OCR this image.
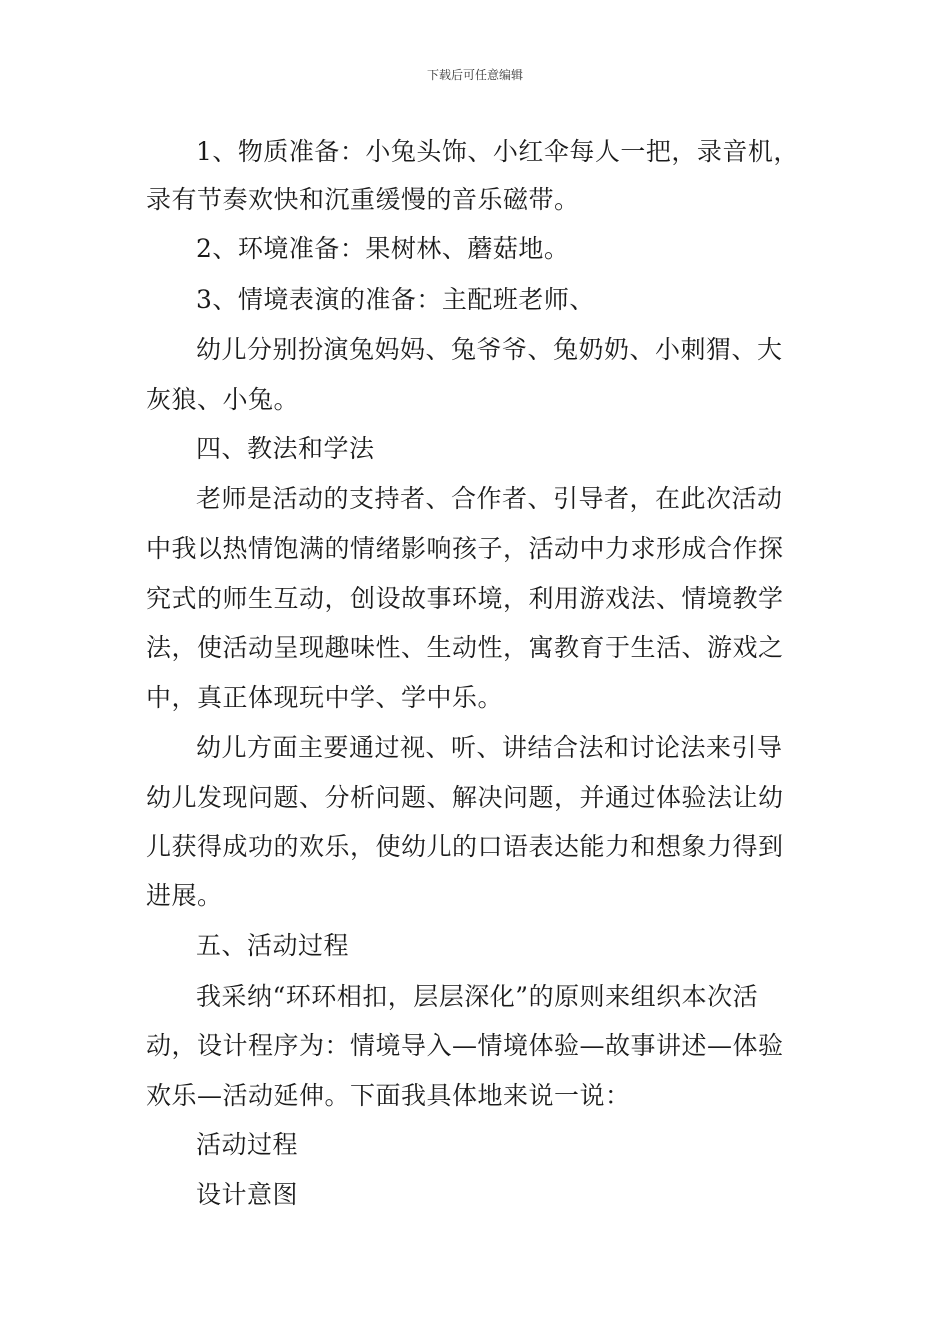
下载后可任意编辑
1、物质准备：小兔头饰、小红伞每人一把，录音机，
录有节奏欢快和沉重缓慢的音乐磁带。
2、环境准备：果树林、蘑菇地。
3、情境表演的准备：主配班老师、
幼儿分别扮演兔妈妈、兔爷爷、兔奶奶、小刺猬、大
灰狼、小兔。
四、教法和学法
老师是活动的支持者、合作者、引导者，在此次活动
中我以热情饱满的情绪影响孩子，活动中力求形成合作探
究式的师生互动，创设故事环境，利用游戏法、情境教学
法，使活动呈现趣味性、生动性，寓教育于生活、游戏之
中，真正体现玩中学、学中乐。
幼儿方面主要通过视、听、讲结合法和讨论法来引导
幼儿发现问题、分析问题、解决问题，并通过体验法让幼
儿获得成功的欢乐，使幼儿的口语表达能力和想象力得到
进展。
五、活动过程
我采纳“环环相扣，层层深化”的原则来组织本次活
动，设计程序为：情境导入—情境体验—故事讲述—体验
欢乐—活动延伸。下面我具体地来说一说：
活动过程
设计意图
